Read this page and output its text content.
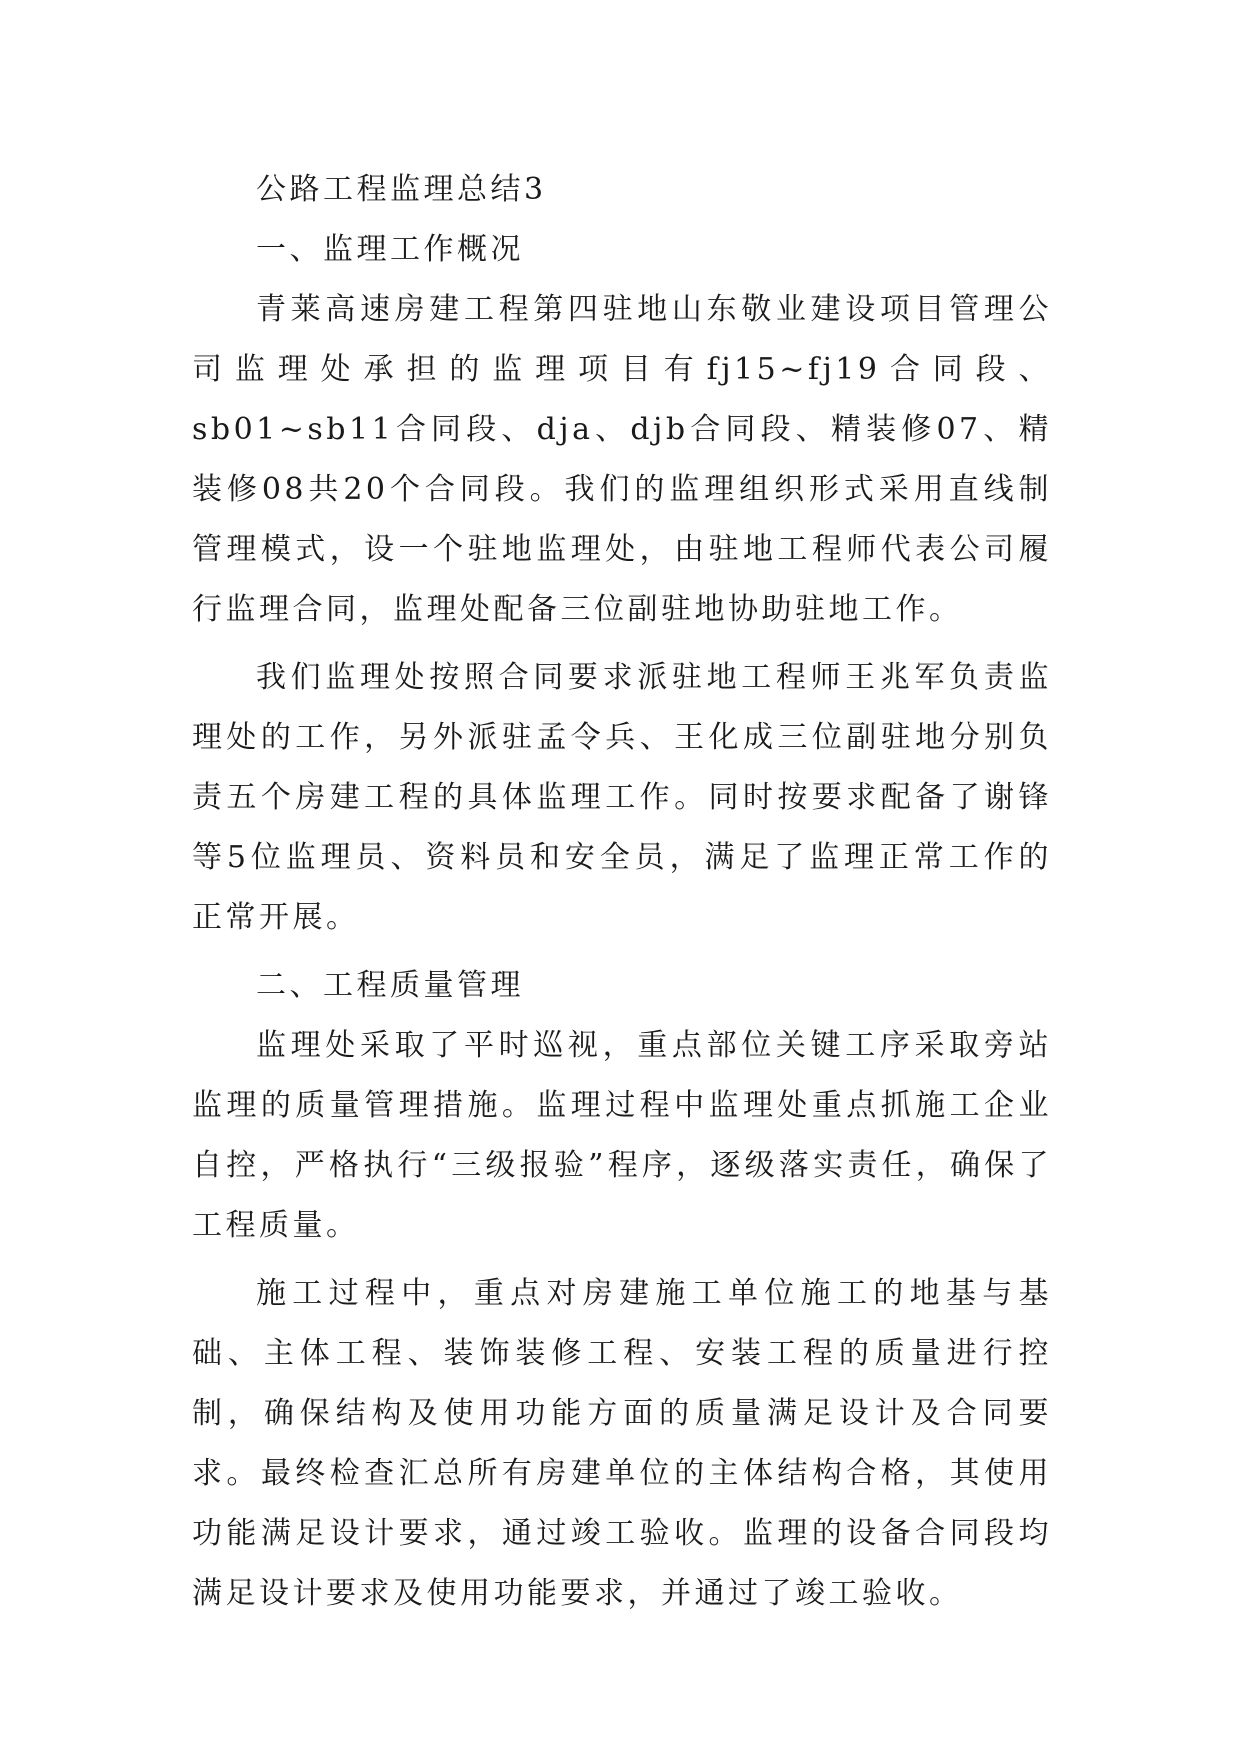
公路工程监理总结3

一、监理工作概况

青莱高速房建工程第四驻地山东敬业建设项目管理公司监理处承担的监理项目有fj15~fj19合同段、sb01~sb11合同段、dja、djb合同段、精装修07、精装修08共20个合同段。我们的监理组织形式采用直线制管理模式，设一个驻地监理处，由驻地工程师代表公司履行监理合同，监理处配备三位副驻地协助驻地工作。

我们监理处按照合同要求派驻地工程师王兆军负责监理处的工作，另外派驻孟令兵、王化成三位副驻地分别负责五个房建工程的具体监理工作。同时按要求配备了谢锋等5位监理员、资料员和安全员，满足了监理正常工作的正常开展。

二、工程质量管理

监理处采取了平时巡视，重点部位关键工序采取旁站监理的质量管理措施。监理过程中监理处重点抓施工企业自控，严格执行“三级报验”程序，逐级落实责任，确保了工程质量。

施工过程中，重点对房建施工单位施工的地基与基础、主体工程、装饰装修工程、安装工程的质量进行控制，确保结构及使用功能方面的质量满足设计及合同要求。最终检查汇总所有房建单位的主体结构合格，其使用功能满足设计要求，通过竣工验收。监理的设备合同段均满足设计要求及使用功能要求，并通过了竣工验收。
